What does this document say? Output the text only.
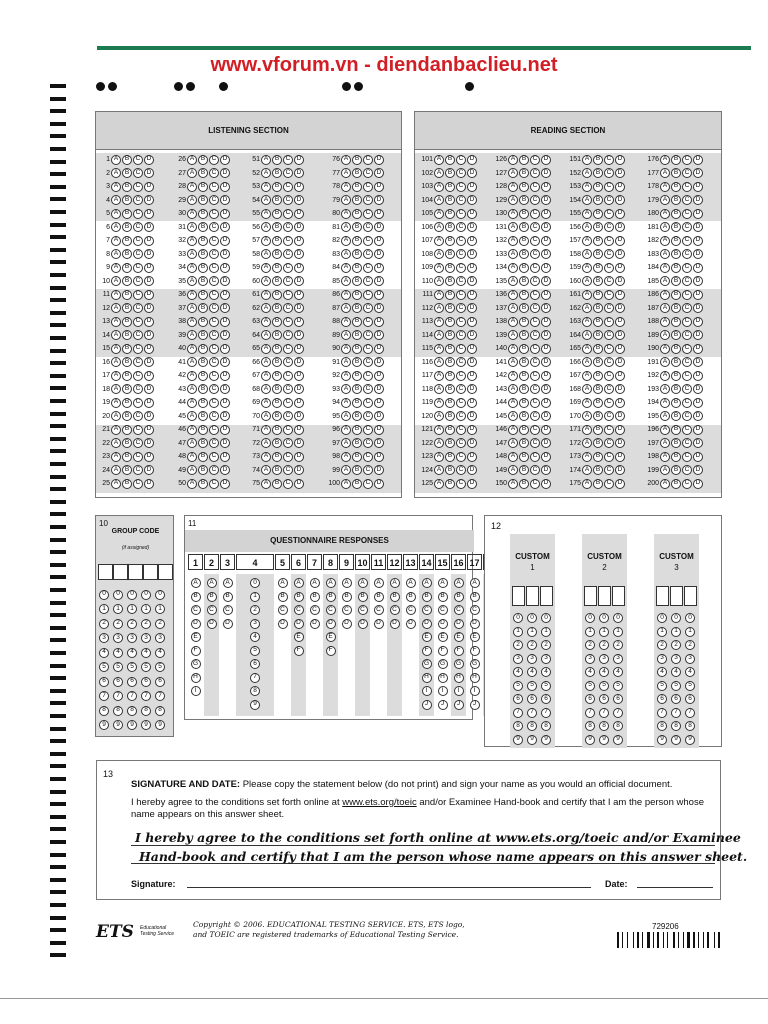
www.vforum.vn - diendanbaclieu.net
LISTENING SECTION
1 A	B C D
2 A	B C D
3 A	B C D
4 A	B C D
5 A	B C D
6 A	B C D
7 A	B C D
8 A	B C D
9 A	B C D
10 A	B C D
11 A	B C D
12 A	B C D
13 A	B C D
14 A	B C D
15 A	B C D
16 A	B C D
17 A	B C D
18 A	B C D
19 A	B C D
20 A	B C D
21 A	B C D
22 A	B C D
23 A	B C D
24 A	B C D
25 A	B C D
26 A	B C D
27 A	B C D
28 A	B C D
29 A	B C D
30 A	B C D
31 A	B C D
32 A	B C D
33 A	B C D
34 A	B C D
35 A	B C D
36 A	B C D
37 A	B C D
38 A	B C D
39 A	B C D
40 A	B C D
41 A	B C D
42 A	B C D
43 A	B C D
44 A	B C D
45 A	B C D
46 A	B C D
47 A	B C D
48 A	B C D
49 A	B C D
50 A	B C D
51 A	B C D
52 A	B C D
53 A	B C D
54 A	B C D
55 A	B C D
56 A	B C D
57 A	B C D
58 A	B C D
59 A	B C D
60 A	B C D
61 A	B C D
62 A	B C D
63 A	B C D
64 A	B C D
65 A	B C D
66 A	B C D
67 A	B C D
68 A	B C D
69 A	B C D
70 A	B C D
71 A	B C D
72 A	B C D
73 A	B C D
74 A	B C D
75 A	B C D
76 A	B C D
77 A	B C D
78 A	B C D
79 A	B C D
80 A	B C D
81 A	B C D
82 A	B C D
83 A	B C D
84 A	B C D
85 A	B C D
86 A	B C D
87 A	B C D
88 A	B C D
89 A	B C D
90 A	B C D
91 A	B C D
92 A	B C D
93 A	B C D
94 A	B C D
95 A	B C D
96 A	B C D
97 A	B C D
98 A	B C D
99 A	B C D
100 A	B C D
READING SECTION
101 A	B C D
102 A	B C D
103 A	B C D
104 A	B C D
105 A	B C D
106 A	B C D
107 A	B C D
108 A	B C D
109 A	B C D
110 A	B C D
111 A	B C D
112 A	B C D
113 A	B C D
114 A	B C D
115 A	B C D
116 A	B C D
117 A	B C D
118 A	B C D
119 A	B C D
120 A	B C D
121 A	B C D
122 A	B C D
123 A	B C D
124 A	B C D
125 A	B C D
126 A	B C D
127 A	B C D
128 A	B C D
129 A	B C D
130 A	B C D
131 A	B C D
132 A	B C D
133 A	B C D
134 A	B C D
135 A	B C D
136 A	B C D
137 A	B C D
138 A	B C D
139 A	B C D
140 A	B C D
141 A	B C D
142 A	B C D
143 A	B C D
144 A	B C D
145 A	B C D
146 A	B C D
147 A	B C D
148 A	B C D
149 A	B C D
150 A	B C D
151 A	B C D
152 A	B C D
153 A	B C D
154 A	B C D
155 A	B C D
156 A	B C D
157 A	B C D
158 A	B C D
159 A	B C D
160 A	B C D
161 A	B C D
162 A	B C D
163 A	B C D
164 A	B C D
165 A	B C D
166 A	B C D
167 A	B C D
168 A	B C D
169 A	B C D
170 A	B C D
171 A	B C D
172 A	B C D
173 A	B C D
174 A	B C D
175 A	B C D
176 A	B C D
177 A	B C D
178 A	B C D
179 A	B C D
180 A	B C D
181 A	B C D
182 A	B C D
183 A	B C D
184 A	B C D
185 A	B C D
186 A	B C D
187 A	B C D
188 A	B C D
189 A	B C D
190 A	B C D
191 A	B C D
192 A	B C D
193 A	B C D
194 A	B C D
195 A	B C D
196 A	B C D
197 A	B C D
198 A	B C D
199 A	B C D
200 A	B C D
10
GROUP CODE
(if assigned)
0	0	0	0	0
1	1	1	1	1
2	2	2	2	2
3	3	3	3	3
4	4	4	4	4
5	5	5	5	5
6	6	6	6	6
7	7	7	7	7
8	8	8	8	8
9	9	9	9	9
11
QUESTIONNAIRE RESPONSES
1
A
B
C
D
E
F
G
H
I
2
A
B
C
D
3
A
B
C
D
4
0
1
2
3
4
5
6
7
8
9
5
A
B
C
D
6
A
B
C
D
E
F
7
A
B
C
D
8
A
B
C
D
E
F
9
A
B
C
D
10
A
B
C
D
11
A
B
C
D
12
A
B
C
D
13
A
B
C
D
14
A
B
C
D
E
F
G
H
I
J
15
A
B
C
D
E
F
G
H
I
J
16
A
B
C
D
E
F
G
H
I
J
17
A
B
C
D
E
F
G
H
I
J
12
CUSTOM
1
0	0	0
1	1	1
2	2	2
3	3	3
4	4	4
5	5	5
6	6	6
7	7	7
8	8	8
9	9	9
CUSTOM
2
0	0	0
1	1	1
2	2	2
3	3	3
4	4	4
5	5	5
6	6	6
7	7	7
8	8	8
9	9	9
CUSTOM
3
0	0	0
1	1	1
2	2	2
3	3	3
4	4	4
5	5	5
6	6	6
7	7	7
8	8	8
9	9	9
13
SIGNATURE AND DATE: Please copy the statement below (do not print) and sign your name as you would an official document.
I hereby agree to the conditions set forth online at www.ets.org/toeic and/or Examinee Hand-book and certify that I am the person whose name appears on this answer sheet.
I hereby agree to the conditions set forth online at www.ets.org/toeic and/or Examinee
Hand-book and certify that I am the person whose name appears on this answer sheet.
Signature:	Date:
ETS Educational Testing Service
Copyright © 2006. EDUCATIONAL TESTING SERVICE. ETS, ETS logo,
and TOEIC are registered trademarks of Educational Testing Service.
729206
